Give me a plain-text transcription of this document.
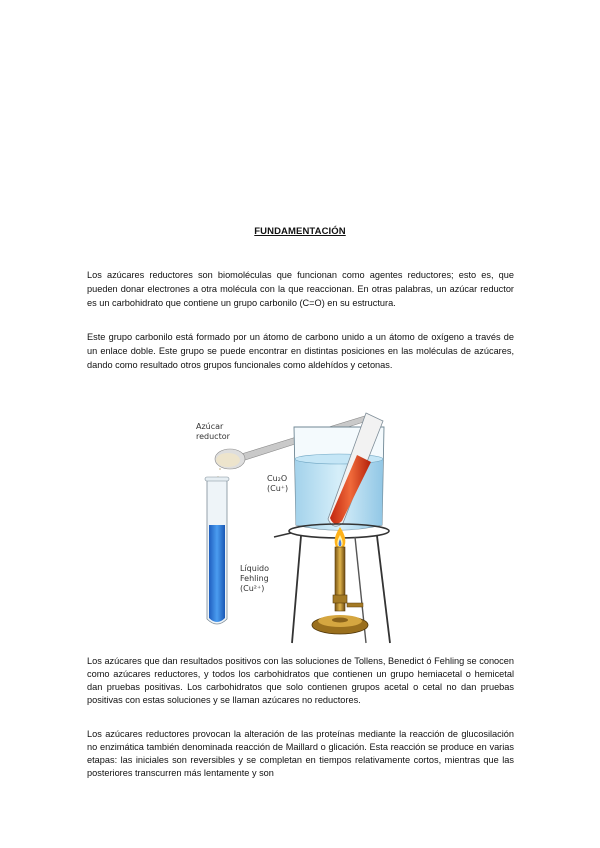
FUNDAMENTACIÓN

Los azúcares reductores son biomoléculas que funcionan como agentes reductores; esto es, que pueden donar electrones a otra molécula con la que reaccionan. En otras palabras, un azúcar reductor es un carbohidrato que contiene un grupo carbonilo (C=O) en su estructura.

Este grupo carbonilo está formado por un átomo de carbono unido a un átomo de oxígeno a través de un enlace doble. Este grupo se puede encontrar en distintas posiciones en las moléculas de azúcares, dando como resultado otros grupos funcionales como aldehídos y cetonas.

Azúcar
reductor
Líquido
Fehling
(Cu²⁺)
Cu₂O
(Cu⁺)

Los azúcares que dan resultados positivos con las soluciones de Tollens, Benedict ó Fehling se conocen como azúcares reductores, y todos los carbohidratos que contienen un grupo hemiacetal o hemicetal dan pruebas positivas. Los carbohidratos que solo contienen grupos acetal o cetal no dan pruebas positivas con estas soluciones y se llaman azúcares no reductores.

Los azúcares reductores provocan la alteración de las proteínas mediante la reacción de glucosilación no enzimática también denominada reacción de Maillard o glicación. Esta reacción se produce en varias etapas: las iniciales son reversibles y se completan en tiempos relativamente cortos, mientras que las posteriores transcurren más lentamente y son
